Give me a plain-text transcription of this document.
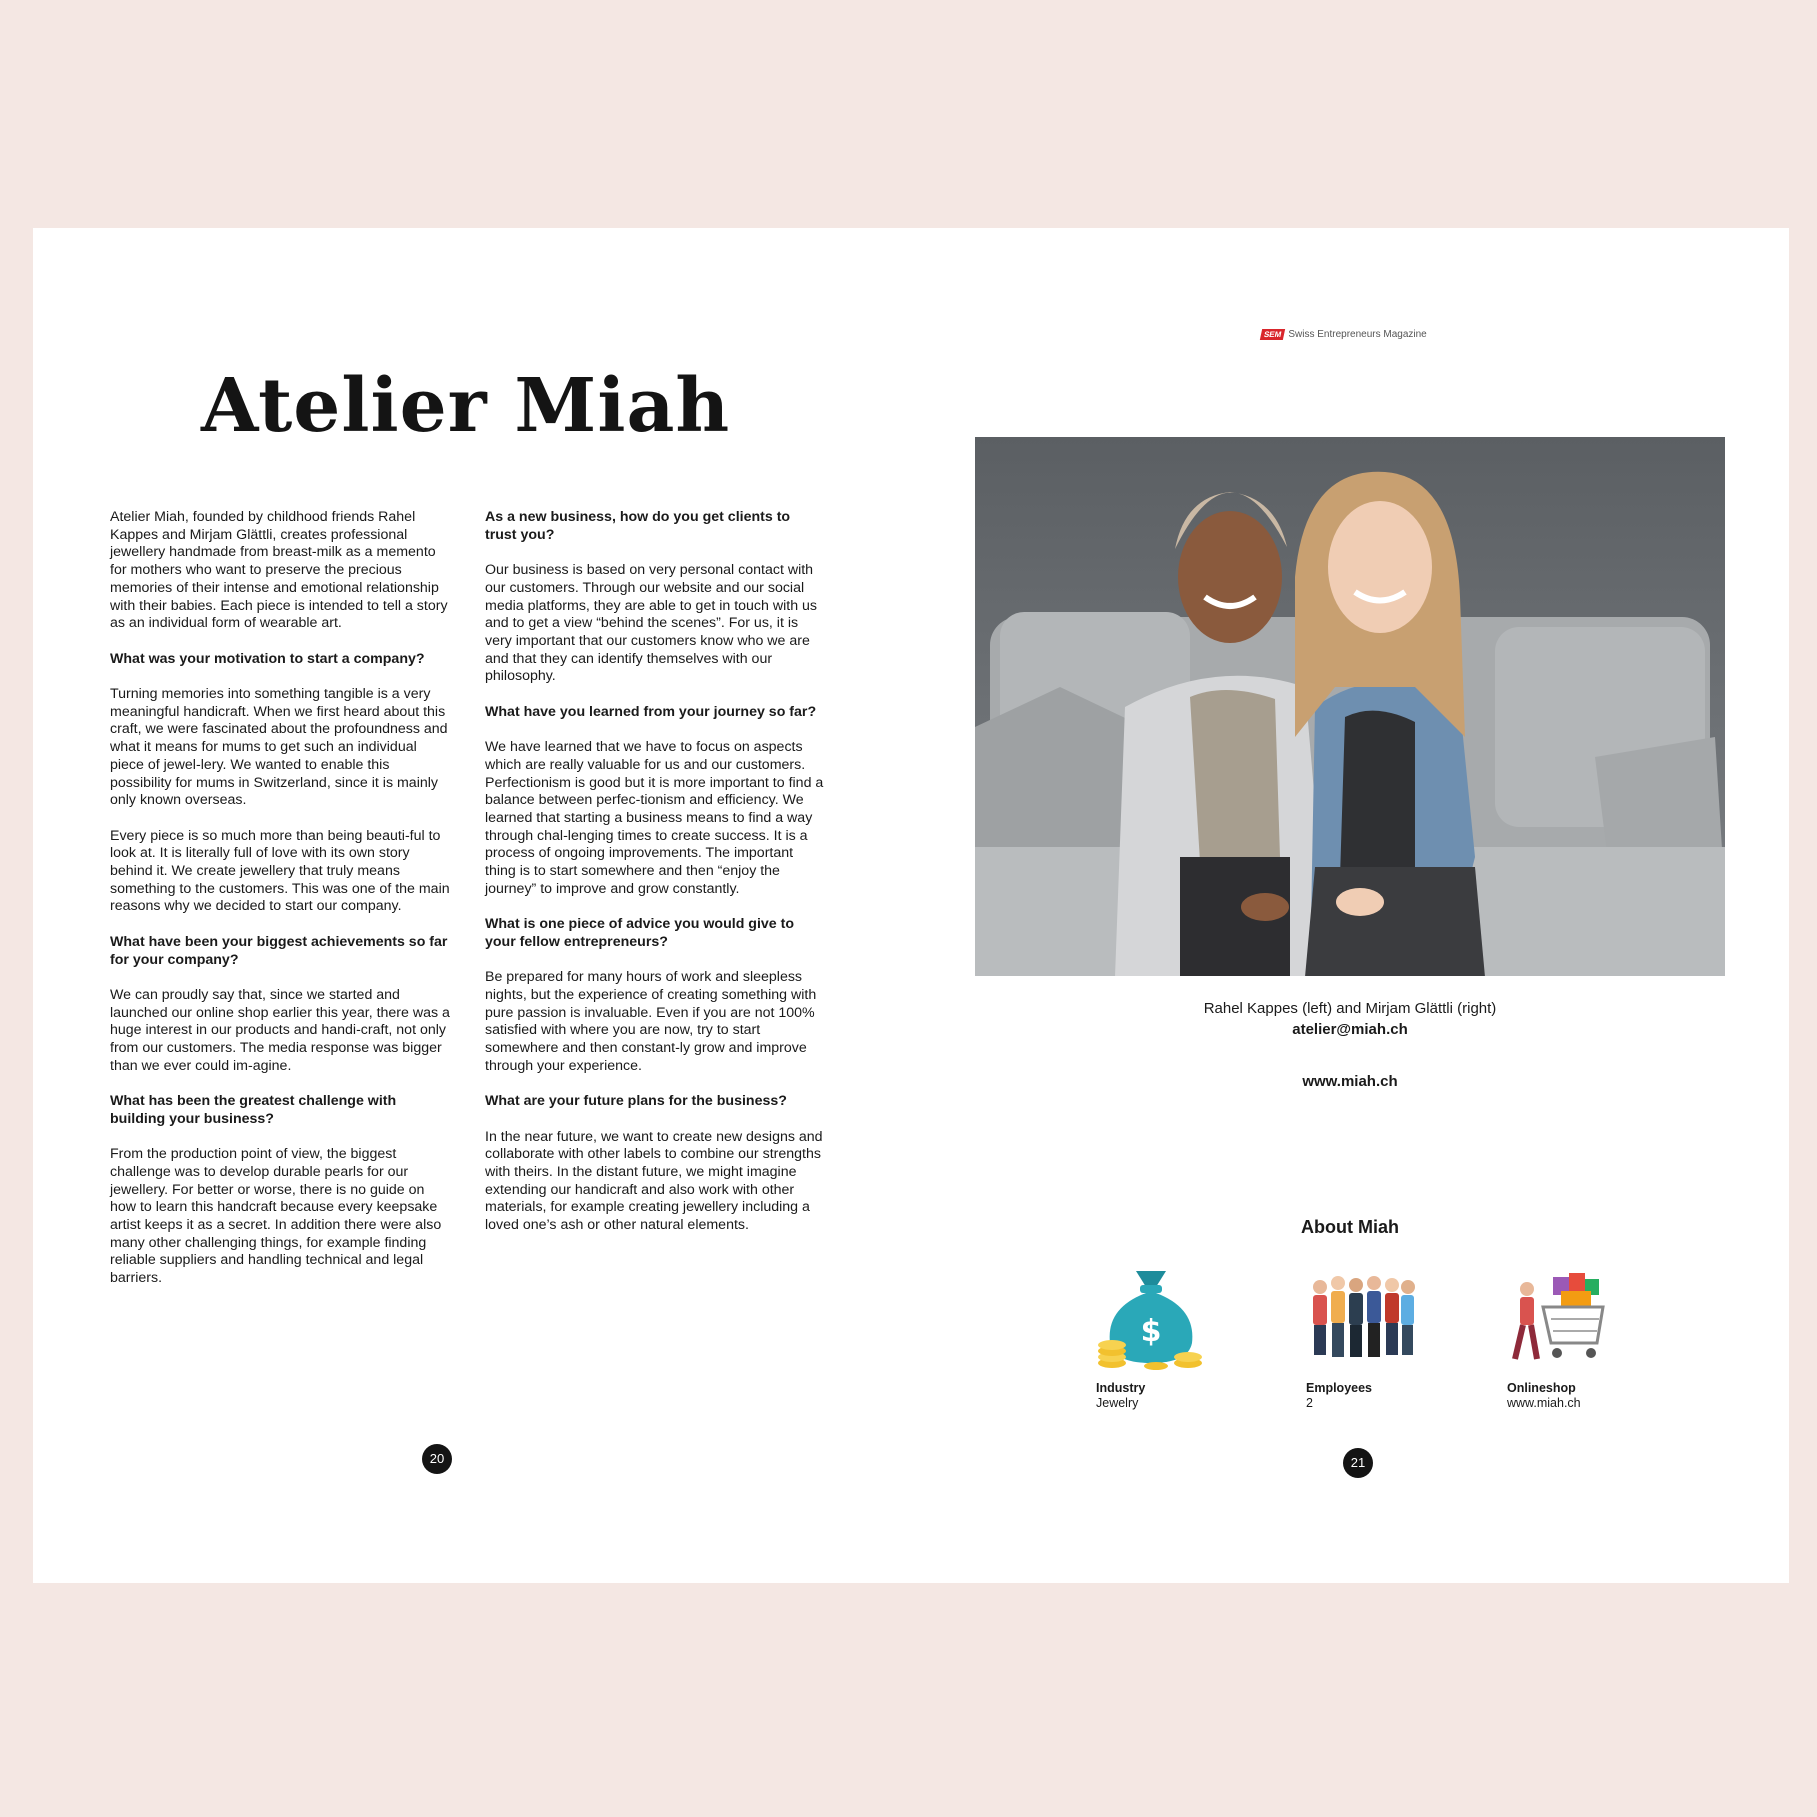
Atelier Miah

Atelier Miah, founded by childhood friends Rahel Kappes and Mirjam Glättli, creates professional jewellery handmade from breast-milk as a memento for mothers who want to preserve the precious memories of their intense and emotional relationship with their babies. Each piece is intended to tell a story as an individual form of wearable art.

What was your motivation to start a company?

Turning memories into something tangible is a very meaningful handicraft. When we first heard about this craft, we were fascinated about the profoundness and what it means for mums to get such an individual piece of jewel-lery. We wanted to enable this possibility for mums in Switzerland, since it is mainly only known overseas.

Every piece is so much more than being beauti-ful to look at. It is literally full of love with its own story behind it. We create jewellery that truly means something to the customers. This was one of the main reasons why we decided to start our company.

What have been your biggest achievements so far for your company?

We can proudly say that, since we started and launched our online shop earlier this year, there was a huge interest in our products and handi-craft, not only from our customers. The media response was bigger than we ever could im-agine.

What has been the greatest challenge with building your business?

From the production point of view, the biggest challenge was to develop durable pearls for our jewellery. For better or worse, there is no guide on how to learn this handcraft because every keepsake artist keeps it as a secret. In addition there were also many other challenging things, for example finding reliable suppliers and handling technical and legal barriers.

As a new business, how do you get clients to trust you?

Our business is based on very personal contact with our customers. Through our website and our social media platforms, they are able to get in touch with us and to get a view “behind the scenes”. For us, it is very important that our customers know who we are and that they can identify themselves with our philosophy.

What have you learned from your journey so far?

We have learned that we have to focus on aspects which are really valuable for us and our customers. Perfectionism is good but it is more important to find a balance between perfec-tionism and efficiency. We learned that starting a business means to find a way through chal-lenging times to create success. It is a process of ongoing improvements. The important thing is to start somewhere and then “enjoy the journey” to improve and grow constantly.

What is one piece of advice you would give to your fellow entrepreneurs?

Be prepared for many hours of work and sleepless nights, but the experience of creating something with pure passion is invaluable. Even if you are not 100% satisfied with where you are now, try to start somewhere and then constant-ly grow and improve through your experience.

What are your future plans for the business?

In the near future, we want to create new designs and collaborate with other labels to combine our strengths with theirs. In the distant future, we might imagine extending our handicraft and also work with other materials, for example creating jewellery including a loved one’s ash or other natural elements.

20
SEM Swiss Entrepreneurs Magazine
Rahel Kappes (left) and Mirjam Glättli (right)
atelier@miah.ch
www.miah.ch
About Miah
$
Industry
Jewelry
Employees
2
Onlineshop
www.miah.ch
21
